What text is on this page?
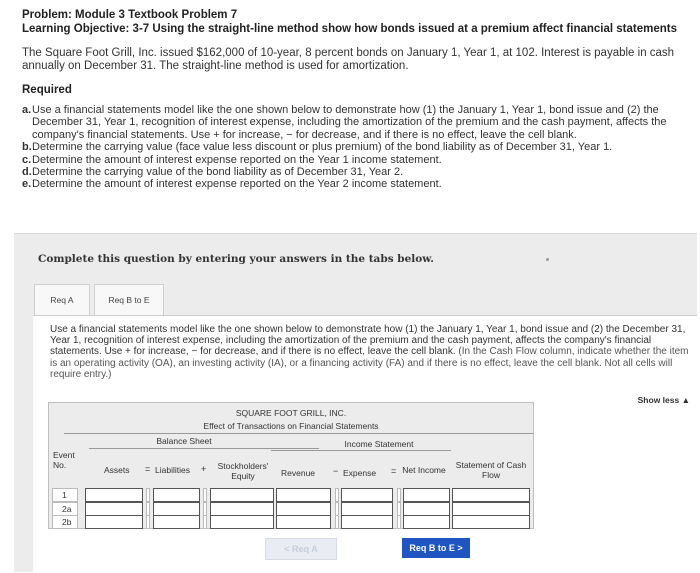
Problem: Module 3 Textbook Problem 7
Learning Objective: 3-7 Using the straight-line method show how bonds issued at a premium affect financial statements
The Square Foot Grill, Inc. issued $162,000 of 10-year, 8 percent bonds on January 1, Year 1, at 102. Interest is payable in cash annually on December 31. The straight-line method is used for amortization.
Required
a. Use a financial statements model like the one shown below to demonstrate how (1) the January 1, Year 1, bond issue and (2) the December 31, Year 1, recognition of interest expense, including the amortization of the premium and the cash payment, affects the company's financial statements. Use + for increase, − for decrease, and if there is no effect, leave the cell blank.
b. Determine the carrying value (face value less discount or plus premium) of the bond liability as of December 31, Year 1.
c. Determine the amount of interest expense reported on the Year 1 income statement.
d. Determine the carrying value of the bond liability as of December 31, Year 2.
e. Determine the amount of interest expense reported on the Year 2 income statement.
Complete this question by entering your answers in the tabs below.
Req A	Req B to E
Use a financial statements model like the one shown below to demonstrate how (1) the January 1, Year 1, bond issue and (2) the December 31, Year 1, recognition of interest expense, including the amortization of the premium and the cash payment, affects the company's financial statements. Use + for increase, − for decrease, and if there is no effect, leave the cell blank. (In the Cash Flow column, indicate whether the item is an operating activity (OA), an investing activity (IA), or a financing activity (FA) and if there is no effect, leave the cell blank. Not all cells will require entry.)
Show less ▲
SQUARE FOOT GRILL, INC.
Effect of Transactions on Financial Statements
Balance Sheet	Income Statement
Event No.	Assets = Liabilities +	Stockholders' Equity	Revenue − Expense = Net Income	Statement of Cash Flow
1
2a
2b
< Req A	Req B to E >
